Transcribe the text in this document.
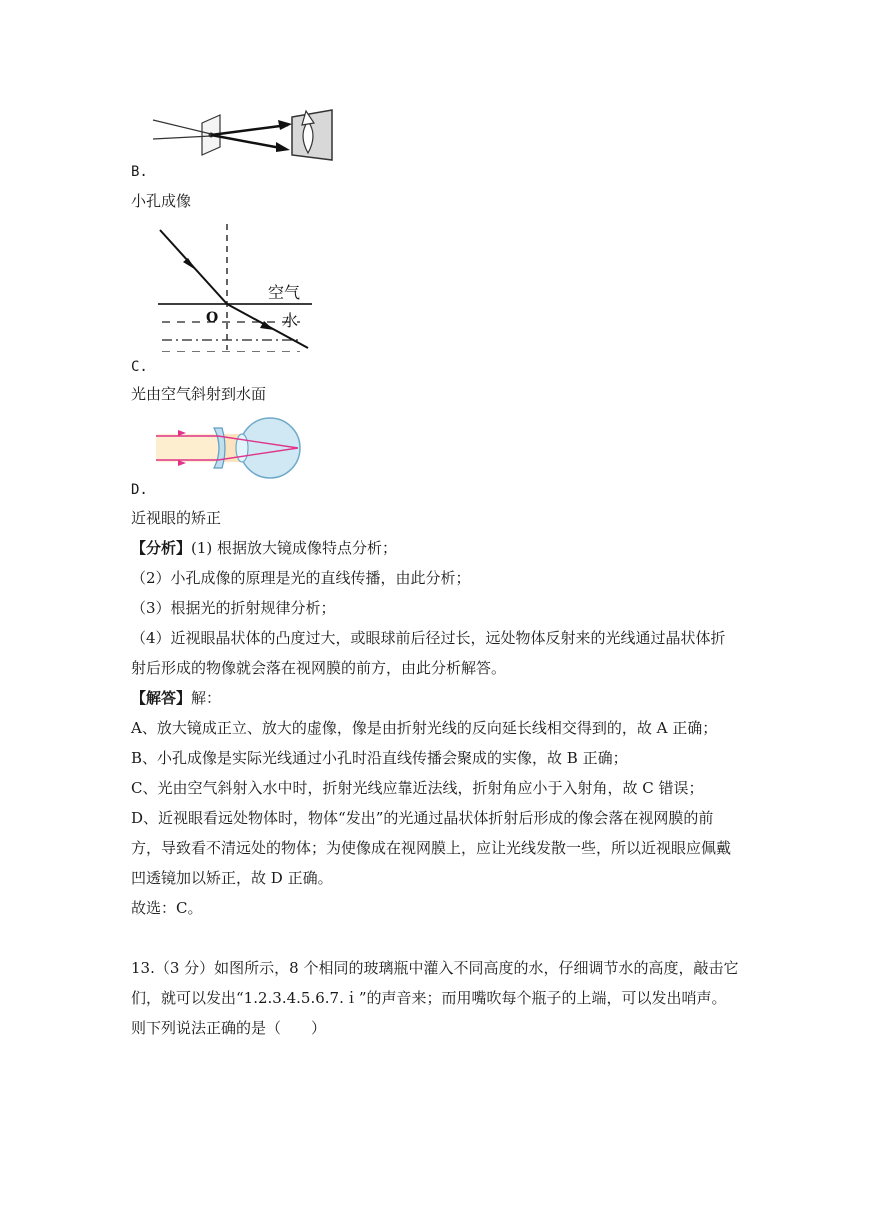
B.
小孔成像
空气
O	水
C.
光由空气斜射到水面
D.
近视眼的矫正
【分析】(1) 根据放大镜成像特点分析；
（2）小孔成像的原理是光的直线传播，由此分析；
（3）根据光的折射规律分析；
（4）近视眼晶状体的凸度过大，或眼球前后径过长，远处物体反射来的光线通过晶状体折
射后形成的物像就会落在视网膜的前方，由此分析解答。
【解答】解：
A、放大镜成正立、放大的虚像，像是由折射光线的反向延长线相交得到的，故 A 正确；
B、小孔成像是实际光线通过小孔时沿直线传播会聚成的实像，故 B 正确；
C、光由空气斜射入水中时，折射光线应靠近法线，折射角应小于入射角，故 C 错误；
D、近视眼看远处物体时，物体“发出”的光通过晶状体折射后形成的像会落在视网膜的前
方，导致看不清远处的物体；为使像成在视网膜上，应让光线发散一些，所以近视眼应佩戴
凹透镜加以矫正，故 D 正确。
故选：C。
13.（3 分）如图所示，8 个相同的玻璃瓶中灌入不同高度的水，仔细调节水的高度，敲击它
们，就可以发出“1.2.3.4.5.6.7.ｉ”的声音来；而用嘴吹每个瓶子的上端，可以发出哨声。
则下列说法正确的是（　　）
